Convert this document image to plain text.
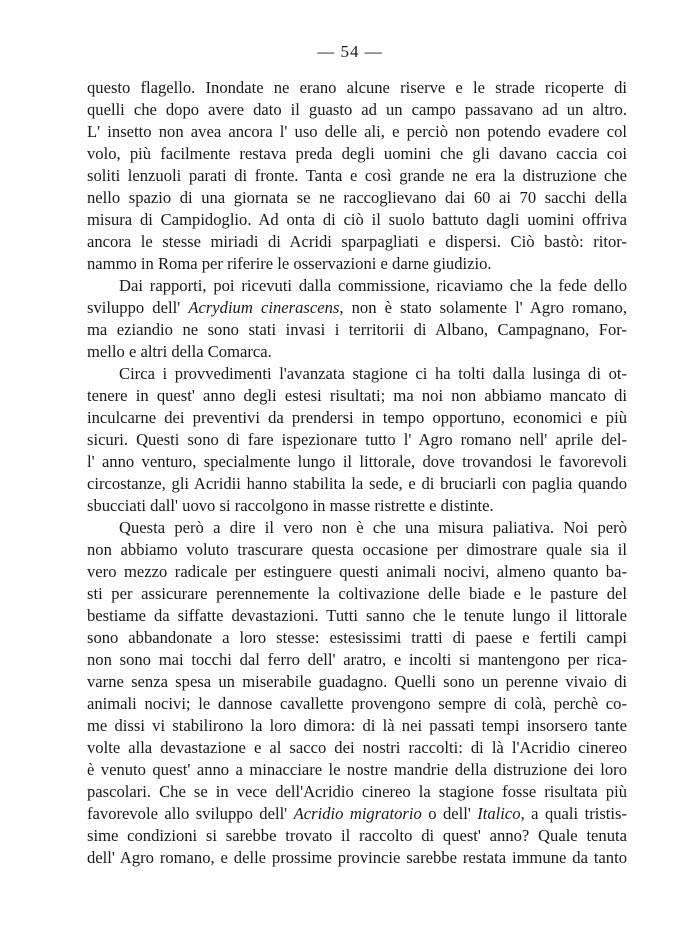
— 54 —
questo flagello. Inondate ne erano alcune riserve e le strade ricoperte di
quelli che dopo avere dato il guasto ad un campo passavano ad un altro.
L' insetto non avea ancora l' uso delle ali, e perciò non potendo evadere col
volo, più facilmente restava preda degli uomini che gli davano caccia coi
soliti lenzuoli parati di fronte. Tanta e così grande ne era la distruzione che
nello spazio di una giornata se ne raccoglievano dai 60 ai 70 sacchi della
misura di Campidoglio. Ad onta di ciò il suolo battuto dagli uomini offriva
ancora le stesse miriadi di Acridi sparpagliati e dispersi. Ciò bastò: ritor-
nammo in Roma per riferire le osservazioni e darne giudizio.
Dai rapporti, poi ricevuti dalla commissione, ricaviamo che la fede dello
sviluppo dell' Acrydium cinerascens, non è stato solamente l' Agro romano,
ma eziandio ne sono stati invasi i territorii di Albano, Campagnano, For-
mello e altri della Comarca.
Circa i provvedimenti l'avanzata stagione ci ha tolti dalla lusinga di ot-
tenere in quest' anno degli estesi risultati; ma noi non abbiamo mancato di
inculcarne dei preventivi da prendersi in tempo opportuno, economici e più
sicuri. Questi sono di fare ispezionare tutto l' Agro romano nell' aprile del-
l' anno venturo, specialmente lungo il littorale, dove trovandosi le favorevoli
circostanze, gli Acridii hanno stabilita la sede, e di bruciarli con paglia quando
sbucciati dall' uovo si raccolgono in masse ristrette e distinte.
Questa però a dire il vero non è che una misura paliativa. Noi però
non abbiamo voluto trascurare questa occasione per dimostrare quale sia il
vero mezzo radicale per estinguere questi animali nocivi, almeno quanto ba-
sti per assicurare perennemente la coltivazione delle biade e le pasture del
bestiame da siffatte devastazioni. Tutti sanno che le tenute lungo il littorale
sono abbandonate a loro stesse: estesissimi tratti di paese e fertili campi
non sono mai tocchi dal ferro dell' aratro, e incolti si mantengono per rica-
varne senza spesa un miserabile guadagno. Quelli sono un perenne vivaio di
animali nocivi; le dannose cavallette provengono sempre di colà, perchè co-
me dissi vi stabilirono la loro dimora: di là nei passati tempi insorsero tante
volte alla devastazione e al sacco dei nostri raccolti: di là l'Acridio cinereo
è venuto quest' anno a minacciare le nostre mandrie della distruzione dei loro
pascolari. Che se in vece dell'Acridio cinereo la stagione fosse risultata più
favorevole allo sviluppo dell' Acridio migratorio o dell' Italico, a quali tristis-
sime condizioni si sarebbe trovato il raccolto di quest' anno? Quale tenuta
dell' Agro romano, e delle prossime provincie sarebbe restata immune da tanto
